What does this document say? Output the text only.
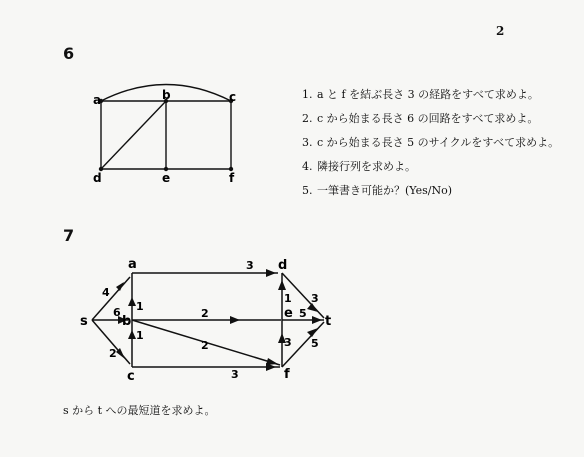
2
6
7
a	b	c
d	e	f
s
a
b
c
d
e
f
t
4
6
2
3
1
1
2
2
3
1
3
3
5
5
1. a と f を結ぶ長さ 3 の経路をすべて求めよ。
2. c から始まる長さ 6 の回路をすべて求めよ。
3. c から始まる長さ 5 のサイクルをすべて求めよ。
4. 隣接行列を求めよ。
5. 一筆書き可能か？(Yes/No)
s から t への最短道を求めよ。
